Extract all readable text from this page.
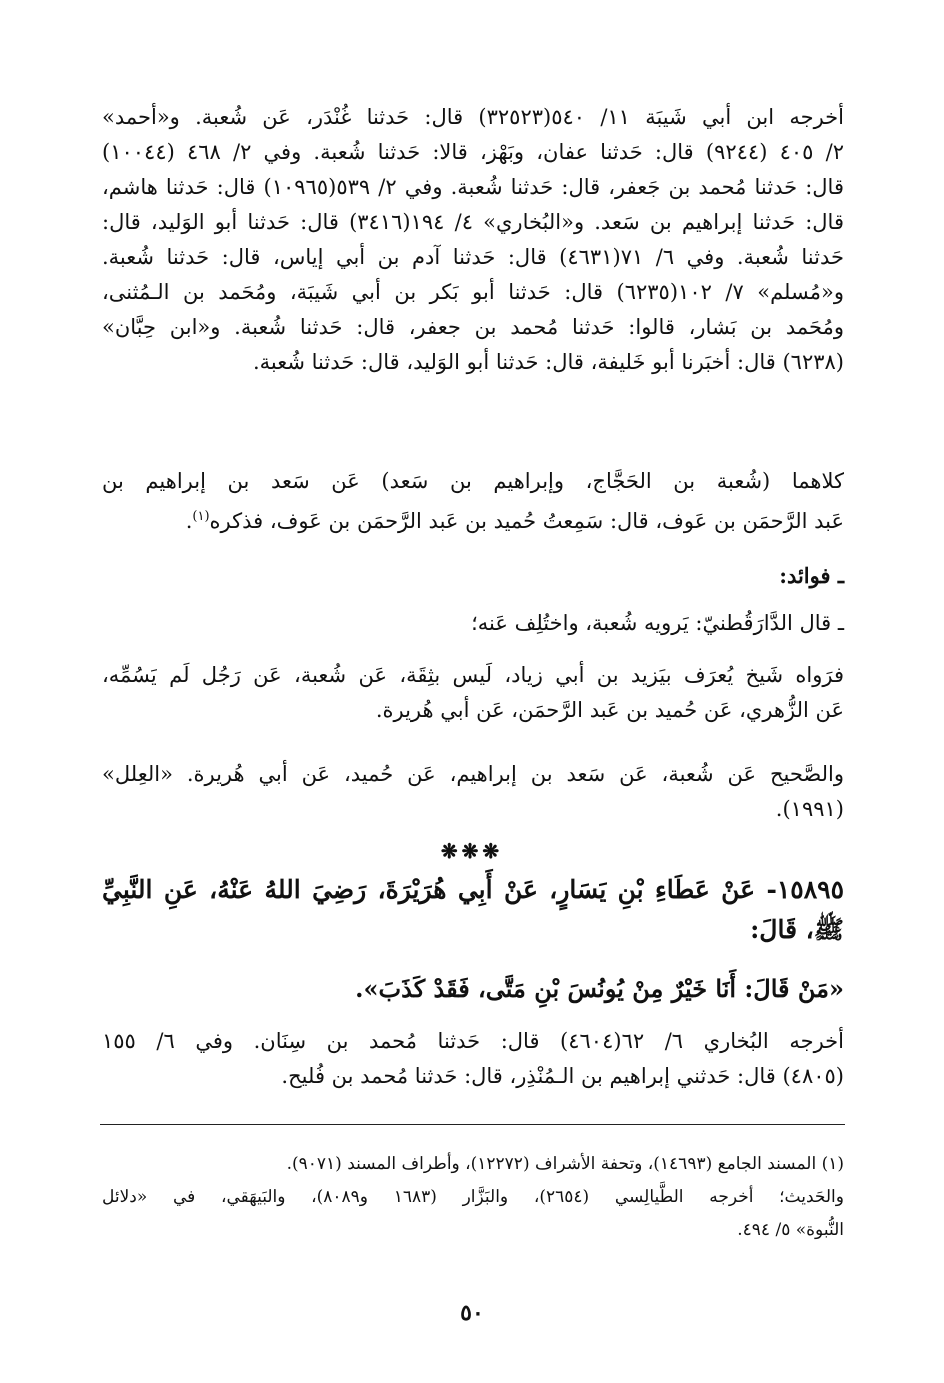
أخرجه ابن أبي شَيبَة ١١/ ٥٤٠(٣٢٥٢٣) قال: حَدثنا غُنْدَر، عَن شُعبة. و«أحمد»
٢/ ٤٠٥ (٩٢٤٤) قال: حَدثنا عفان، وبَهْز، قالا: حَدثنا شُعبة. وفي ٢/ ٤٦٨ (١٠٠٤٤)
قال: حَدثنا مُحمد بن جَعفر، قال: حَدثنا شُعبة. وفي ٢/ ٥٣٩(١٠٩٦٥) قال: حَدثنا هاشم،
قال: حَدثنا إبراهيم بن سَعد. و«البُخاري» ٤/ ١٩٤(٣٤١٦) قال: حَدثنا أبو الوَليد، قال:
حَدثنا شُعبة. وفي ٦/ ٧١(٤٦٣١) قال: حَدثنا آدم بن أبي إياس، قال: حَدثنا شُعبة.
و«مُسلم» ٧/ ١٠٢(٦٢٣٥) قال: حَدثنا أبو بَكر بن أبي شَيبَة، ومُحَمد بن الـمُثنى،
ومُحَمد بن بَشار، قالوا: حَدثنا مُحمد بن جعفر، قال: حَدثنا شُعبة. و«ابن حِبَّان»
(٦٢٣٨) قال: أخبَرنا أبو خَليفة، قال: حَدثنا أبو الوَليد، قال: حَدثنا شُعبة.
كلاهما (شُعبة بن الحَجَّاج، وإبراهيم بن سَعد) عَن سَعد بن إبراهيم بن
عَبد الرَّحمَن بن عَوف، قال: سَمِعتُ حُميد بن عَبد الرَّحمَن بن عَوف، فذكره$^{(١)}$.
ـ فوائد:
ـ قال الدَّارَقُطنيّ: يَرويه شُعبة، واختُلِف عَنه؛
فرَواه شَيخ يُعرَف بيَزيد بن أبي زياد، لَيس بثِقَة، عَن شُعبة، عَن رَجُل لَم يَسُمِّه،
عَن الزُّهري، عَن حُميد بن عَبد الرَّحمَن، عَن أبي هُريرة.
والصَّحيح عَن شُعبة، عَن سَعد بن إبراهيم، عَن حُميد، عَن أبي هُريرة. «العِلل»
(١٩٩١).
❋❋❋
١٥٨٩٥- عَنْ عَطَاءِ بْنِ يَسَارٍ، عَنْ أَبِي هُرَيْرَةَ، رَضِيَ اللهُ عَنْهُ، عَنِ النَّبِيِّ
ﷺ، قَالَ:
«مَنْ قَالَ: أَنَا خَيْرٌ مِنْ يُونُسَ بْنِ مَتَّى، فَقَدْ كَذَبَ».
أخرجه البُخاري ٦/ ٦٢(٤٦٠٤) قال: حَدثنا مُحمد بن سِنَان. وفي ٦/ ١٥٥
(٤٨٠٥) قال: حَدثني إبراهيم بن الـمُنْذِر، قال: حَدثنا مُحمد بن فُليح.
(١) المسند الجامع (١٤٦٩٣)، وتحفة الأشراف (١٢٢٧٢)، وأطراف المسند (٩٠٧١).
والحَديث؛ أخرجه الطَّيالِسي (٢٦٥٤)، والبَزَّار (١٦٨٣ و٨٠٨٩)، والبَيهَقي، في «دلائل
النُّبوة» ٥/ ٤٩٤.
٥٠
